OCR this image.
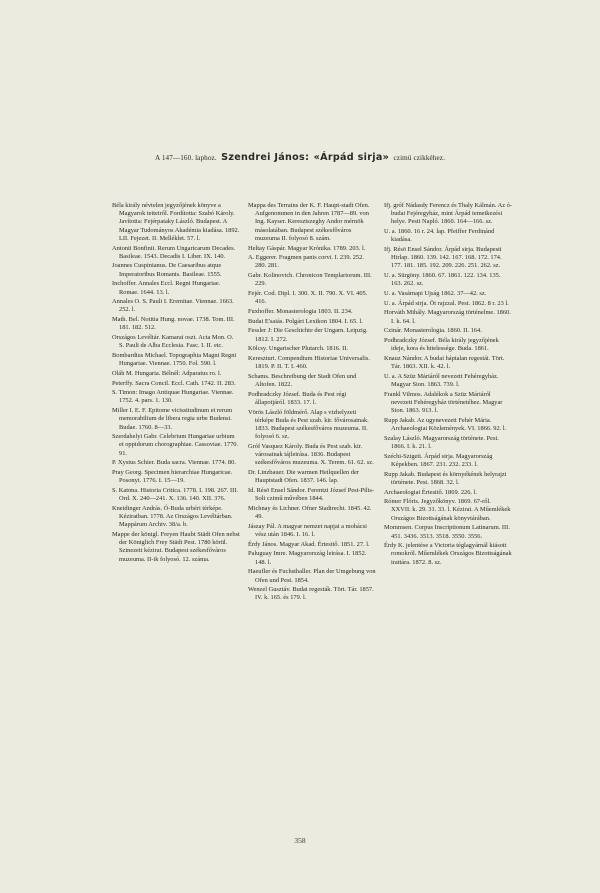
A 147—160. laphoz. Szendrei János: «Árpád sirja» czimü czikkéhez.
Béla király névtelen jegyzőjének könyve a Magyarok tetteiről. Fordította: Szabó Károly. Javította: Fejérpataky László. Budapest. A Magyar Tudományos Akadémia kiadása. 1892. LII. Fejezet. II. Melléklet. 57. l.
Antonii Bonfinii. Rerum Ungaricarum Decades. Basileae. 1543. Decadis I. Liber. IX. 140.
Joannes Cuspinianus. De Caesaribus atque Imperatoribus Romanis. Basileae. 1555.
Inchoffer. Annales Eccl. Regni Hungariae. Romae. 1644. 13. l.
Annales O. S. Pauli I. Eremitae. Viennae. 1663. 252. l.
Math. Bel. Notitia Hung. novae. 1738. Tom. III. 181. 182. 512.
Országos Levéltár. Kamarai oszt. Acta Mon. O. S. Pauli de Alba Ecclesia. Fasc. I. II. etc.
Bombardius Michael. Topographia Magni Regni Hungariae. Viennae. 1750. Fol. 590. l.
Oláh M. Hungaria. Bélnél: Adparatus ro. l.
Peterffy. Sacra Concil. Eccl. Cath. 1742. II. 283.
S. Timon: Imago Antiquae Hungariae. Viennae. 1752. 4. pars. 1. 130.
Miller I. E. F. Epitome vicissitudinum et rerum memorabilium de libera regia urbe Budensi. Budae. 1760. 8—33.
Szerdahelyi Gabr. Celebrium Hungariae urbium et oppidorum chorographiae. Cassoviae. 1770. 91.
P. Xystus Schier. Buda sacra. Viennae. 1774. 80.
Pray Georg. Specimen hierarchiae Hungaricae. Posonyi. 1776. I. 15—19.
S. Katona. Historia Critica. 1778. I. 198. 267. III. Ord. X. 240—241. X. 136. 140. XII. 376.
Kneidinger András. Ó-Buda urbéri térképe. Kéziratban. 1778. Az Országos Levéltárban. Mappárum Archiv. 38/a. b.
Mappe der königl. Freyen Haubt Städt Ofen nebst der Königlich Frey Städt Pest. 1780 körül. Szinezett kézirat. Budapest székesfőváros muzeuma. II-ik folyosó. 12. száma.
Mappa des Terrains der K. F. Haupt-stadt Ofen. Aufgenommen in den Jahren 1787—89. von Ing. Kayser. Keresztszeghy Andor mérnök másolatában. Budapest székesfőváros muzeuma II. folyosó 8. szám.
Heltay Gáspár. Magyar Krónika. 1789. 203. l.
A. Eggerer. Fragmen panis corvi. I. 239. 252. 280. 281.
Gabr. Kolinovich. Chronicon Templariorum. III. 229.
Fejér. Cod. Dipl. I. 300. X. II. 790. X. VI. 405. 416.
Fuxhoffer. Monasterologia 1803. II. 234.
Budai E'saiás. Polgári Lexikon 1804. I. 65. l.
Fessler J: Die Geschichte der Ungarn. Leipzig. 1812. I. 272.
Kölcsy. Ungarischer Plutarch. 1816. II.
Kereszturi. Compendium Historiae Universalis. 1819. P. II. T. I. 460.
Schams. Beschreibung der Stadt Ofen und Altofen. 1822.
Podhradczky József. Buda és Pest régi állapotjáról. 1833. 17. l.
Vörös László földmérő. Alap s vizhelyzeti térképe Buda és Pest szab. kir. fővárosainak. 1833. Budapest székesfőváros muzeuma. II. folyosó 6. sz.
Gróf Vasquez Károly. Buda és Pest szab. kir. városainak tájleirása. 1836. Budapest székesfőváros muzeuma. X. Terem. 61. 62. sz.
Dr. Linzbauer. Die warmen Heilquellen der Hauptstadt Ofen. 1837. 146. lap.
Id. Résö Ensel Sándor. Ferentzi József Pest-Pilis-Solt czimű művében 1844.
Michnay és Lichner. Ofner Stadtrecht. 1845. 42. 49.
Jászay Pál. A magyar nemzet napjai a mohácsi vész után 1846. I. 16. l.
Érdy János. Magyar Akad. Értesitő. 1851. 27. l.
Paluguay Imre. Magyarország leirása. I. 1852. 148. l.
Haeufler és Fuchsthaller. Plan der Umgebung von Ofen und Pest. 1854.
Wenzel Gusztáv. Budai regesták. Tört. Tár. 1857. IV. k. 165. és 179. l.
Ifj. gróf Nádasdy Ferencz és Thaly Kálmán. Az ó-budai Fejéregyház, mint Árpád temetkezési helye. Pesti Napló. 1860. 164—166. sz.
U. a. 1860. 16 r. 24. lap. Pfeiffer Ferdinánd kiadása.
Ifj. Résö Ensel Sándor. Árpád sirja. Budapesti Hirlap. 1860. 139. 142. 167. 168. 172. 174. 177. 181. 185. 192. 209. 226. 251. 262. sz.
U. a. Sürgöny. 1860. 67. 1861. 122. 134. 135. 163. 262. sz.
U. a. Vasárnapi Ujság 1862. 37—42. sz.
U. a. Árpád sirja. Öt rajzzal. Pest. 1862. 8 r. 23 l.
Horváth Mihály. Magyarország történelme. 1860. I. k. 64. l.
Czinár. Monasterologia. 1860. II. 164.
Podhradczky József. Béla király jegyzőjének ideje, kora és hitelessége. Buda. 1861.
Knauz Nándor. A budai háptalan regestái. Tört. Tár. 1863. XII. k. 42. l.
U. a. A Szüz Máriáról nevezett Fehéregyház. Magyar Sion. 1863. 739. l.
Frankl Vilmos. Adalékok a Szüz Máriáról nevezett Fehéregyház történetéhez. Magyar Sion. 1863. 913. l.
Rupp Jakab. Az ugynevezett Fehér Mária. Archaeologiai Közlemények. VI. 1866. 92. l.
Szalay László. Magyarország története. Pest. 1866. I. k. 21. l.
Széchi-Szigeti. Árpád sirja. Magyarország Képekben. 1867. 231. 232. 233. l.
Rupp Jakab. Budapest és környékének helyrajzi története. Pest. 1868. 32. l.
Archaeologiai Értesitő. 1869. 226. l.
Rómer Flóris. Jegyzőkönyv. 1869. 67-ről. XXVII. k. 29. 31. 33. l. Kézirat. A Műemlékek Országos Bizottságának könyvtárában.
Mommsen. Corpus Inscriptionum Latinarum. III. 451. 3436. 3513. 3518. 3550. 3556.
Érdy K. jelentése a Victoria téglagyárnál kiásott romokról. Műemlékek Országos Bizottságának irattára. 1872. 8. sz.
358
